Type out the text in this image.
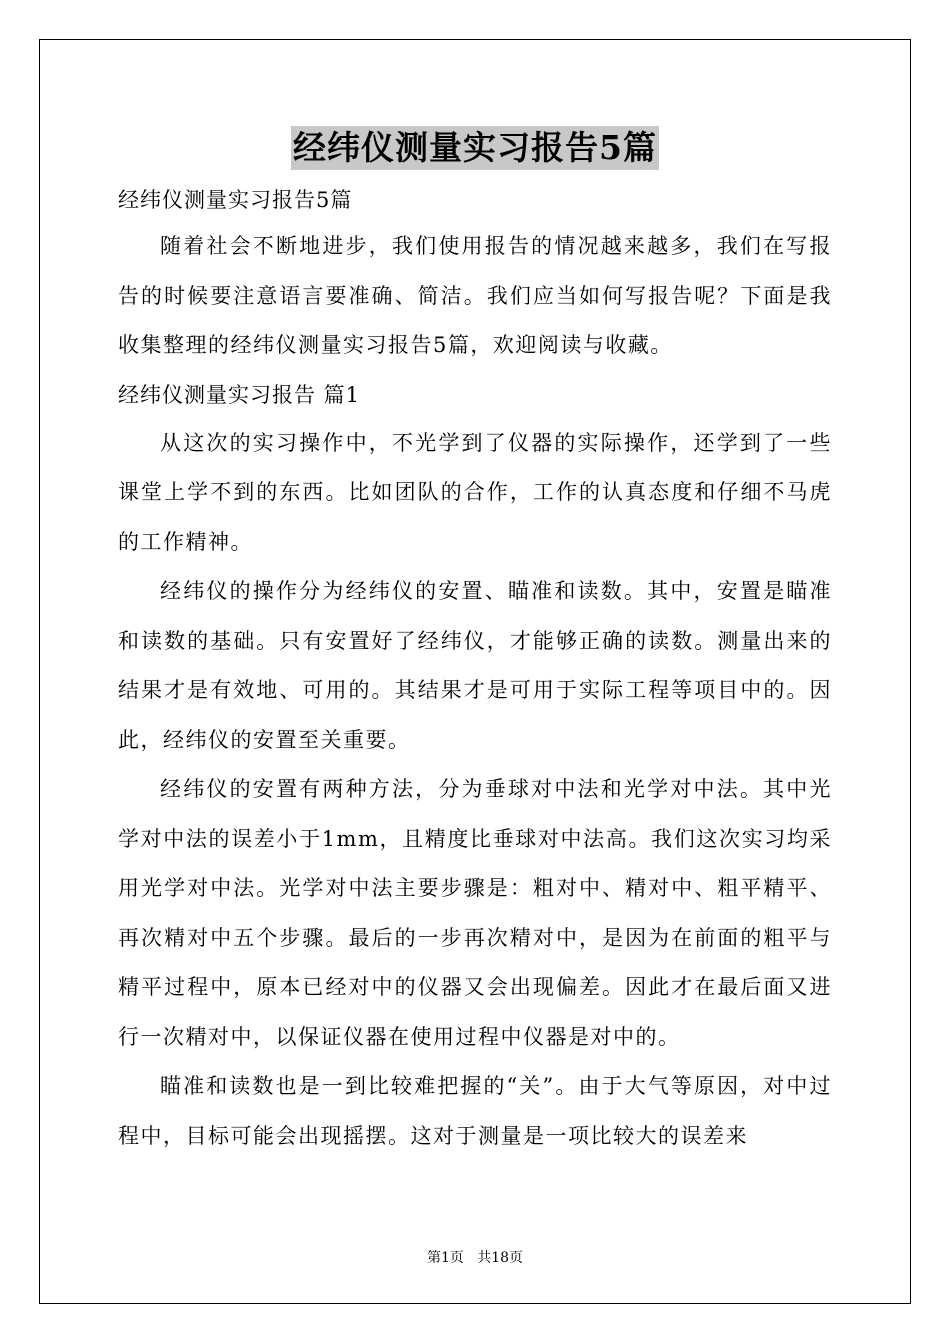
经纬仪测量实习报告5篇
经纬仪测量实习报告5篇

随着社会不断地进步，我们使用报告的情况越来越多，我们在写报告的时候要注意语言要准确、简洁。我们应当如何写报告呢？下面是我收集整理的经纬仪测量实习报告5篇，欢迎阅读与收藏。

经纬仪测量实习报告 篇1

从这次的实习操作中，不光学到了仪器的实际操作，还学到了一些课堂上学不到的东西。比如团队的合作，工作的认真态度和仔细不马虎的工作精神。

经纬仪的操作分为经纬仪的安置、瞄准和读数。其中，安置是瞄准和读数的基础。只有安置好了经纬仪，才能够正确的读数。测量出来的结果才是有效地、可用的。其结果才是可用于实际工程等项目中的。因此，经纬仪的安置至关重要。

经纬仪的安置有两种方法，分为垂球对中法和光学对中法。其中光学对中法的误差小于1mm，且精度比垂球对中法高。我们这次实习均采用光学对中法。光学对中法主要步骤是：粗对中、精对中、粗平精平、再次精对中五个步骤。最后的一步再次精对中，是因为在前面的粗平与精平过程中，原本已经对中的仪器又会出现偏差。因此才在最后面又进行一次精对中，以保证仪器在使用过程中仪器是对中的。

瞄准和读数也是一到比较难把握的“关”。由于大气等原因，对中过程中，目标可能会出现摇摆。这对于测量是一项比较大的误差来

第1页   共18页
